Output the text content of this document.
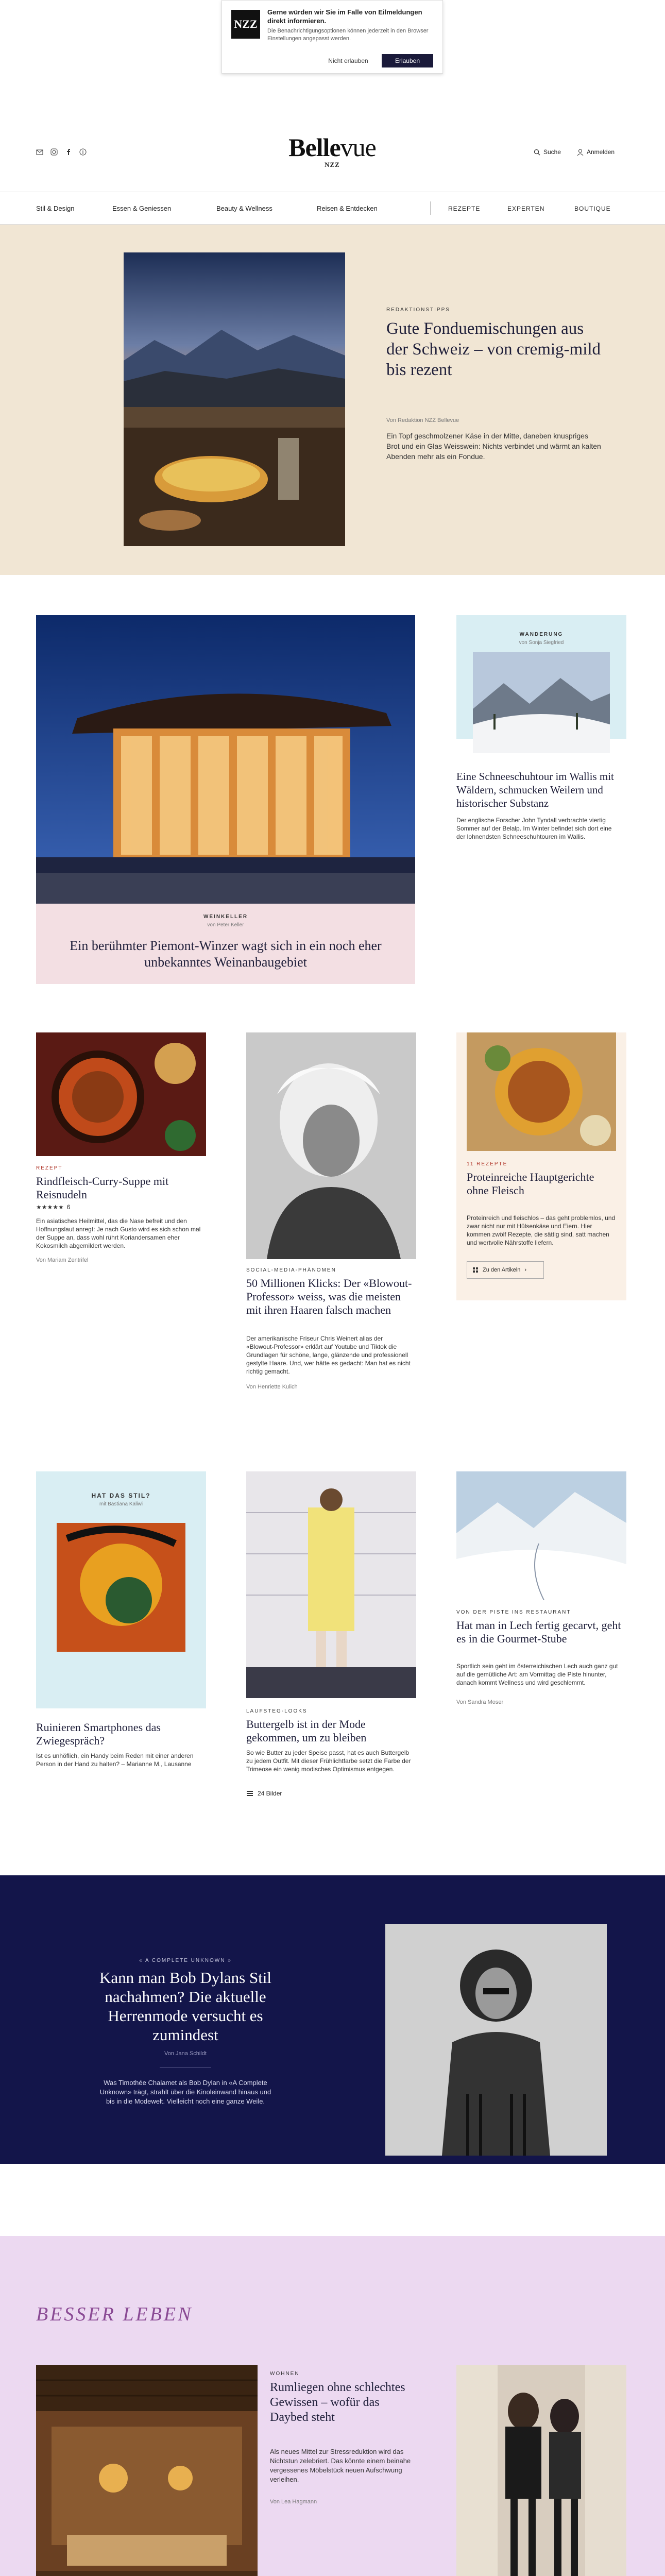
NZZ
Gerne würden wir Sie im Falle von Eilmeldungen direkt informieren.
Die Benachrichtigungsoptionen können jederzeit in den Browser Einstellungen angepasst werden.
Nicht erlauben	Erlauben
Bellevue
NZZ
Suche	Anmelden
Stil & Design	Essen & Geniessen	Beauty & Wellness	Reisen & Entdecken	REZEPTE	EXPERTEN	BOUTIQUE
REDAKTIONSTIPPS
Gute Fonduemischungen aus der Schweiz – von cremig-mild bis rezent
Von Redaktion NZZ Bellevue
Ein Topf geschmolzener Käse in der Mitte, daneben knuspriges Brot und ein Glas Weisswein: Nichts verbindet und wärmt an kalten Abenden mehr als ein Fondue.
WEINKELLER
von Peter Keller
Ein berühmter Piemont-Winzer wagt sich in ein noch eher unbekanntes Weinanbaugebiet
WANDERUNG
von Sonja Siegfried
Eine Schneeschuhtour im Wallis mit Wäldern, schmucken Weilern und historischer Substanz
Der englische Forscher John Tyndall verbrachte viertig Sommer auf der Belalp. Im Winter befindet sich dort eine der lohnendsten Schneeschuhtouren im Wallis.
REZEPT
Rindfleisch-Curry-Suppe mit Reisnudeln
★★★★★ 6
Ein asiatisches Heilmittel, das die Nase befreit und den Hoffnungslaut anregt: Je nach Gusto wird es sich schon mal der Suppe an, dass wohl rührt Koriandersamen eher Kokosmilch abgemildert werden.
Von Mariam Zentrifel
SOCIAL-MEDIA-PHÄNOMEN
50 Millionen Klicks: Der «Blowout-Professor» weiss, was die meisten mit ihren Haaren falsch machen
Der amerikanische Friseur Chris Weinert alias der «Blowout-Professor» erklärt auf Youtube und Tiktok die Grundlagen für schöne, lange, glänzende und professionell gestylte Haare. Und, wer hätte es gedacht: Man hat es nicht richtig gemacht.
Von Henriette Kulich
11 REZEPTE
Proteinreiche Hauptgerichte ohne Fleisch
Proteinreich und fleischlos – das geht problemlos, und zwar nicht nur mit Hülsenkäse und Eiern. Hier kommen zwölf Rezepte, die sättig sind, satt machen und wertvolle Nährstoffe liefern.
Zu den Artikeln ›
HAT DAS STIL?
mit Bastiana Kaliwi
Ruinieren Smartphones das Zwiegespräch?
Ist es unhöflich, ein Handy beim Reden mit einer anderen Person in der Hand zu halten? – Marianne M., Lausanne
LAUFSTEG-LOOKS
Buttergelb ist in der Mode gekommen, um zu bleiben
So wie Butter zu jeder Speise passt, hat es auch Buttergelb zu jedem Outfit. Mit dieser Frühlichtfarbe setzt die Farbe der Trimeose ein wenig modisches Optimismus entgegen.
24 Bilder
VON DER PISTE INS RESTAURANT
Hat man in Lech fertig gecarvt, geht es in die Gourmet-Stube
Sportlich sein geht im österreichischen Lech auch ganz gut auf die gemütliche Art: am Vormittag die Piste hinunter, danach kommt Wellness und wird geschlemmt.
Von Sandra Moser
« A COMPLETE UNKNOWN »
Kann man Bob Dylans Stil nachahmen? Die aktuelle Herrenmode versucht es zumindest
Von Jana Schildt
Was Timothée Chalamet als Bob Dylan in «A Complete Unknown» trägt, strahlt über die Kinoleinwand hinaus und bis in die Modewelt. Vielleicht noch eine ganze Weile.
BESSER LEBEN
WOHNEN
Rumliegen ohne schlechtes Gewissen – wofür das Daybed steht
Als neues Mittel zur Stressreduktion wird das Nichtstun zelebriert. Das könnte einem beinahe vergessenes Möbelstück neuen Aufschwung verleihen.
Von Lea Hagmann
